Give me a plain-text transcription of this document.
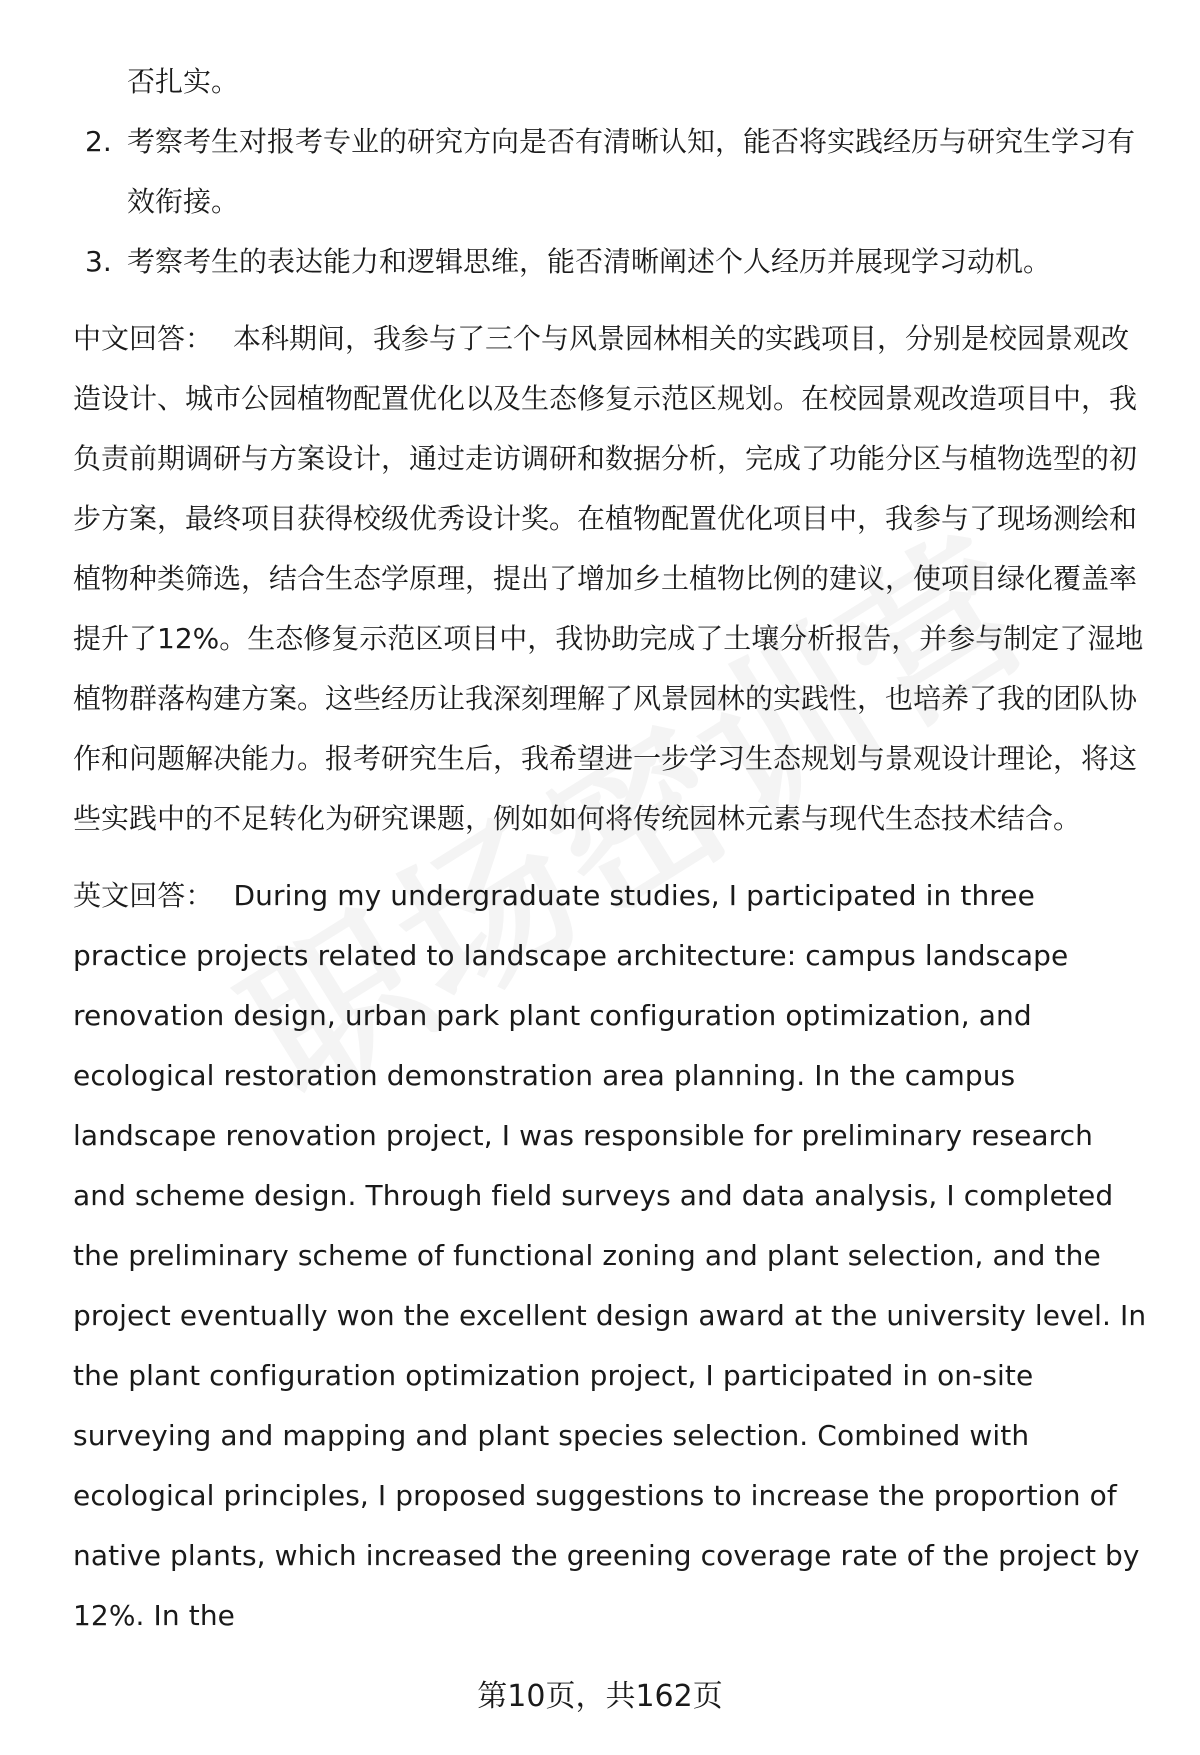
否扎实。
2. 考察考生对报考专业的研究方向是否有清晰认知，能否将实践经历与研究生学习有效衔接。
3. 考察考生的表达能力和逻辑思维，能否清晰阐述个人经历并展现学习动机。

中文回答： 本科期间，我参与了三个与风景园林相关的实践项目，分别是校园景观改造设计、城市公园植物配置优化以及生态修复示范区规划。在校园景观改造项目中，我负责前期调研与方案设计，通过走访调研和数据分析，完成了功能分区与植物选型的初步方案，最终项目获得校级优秀设计奖。在植物配置优化项目中，我参与了现场测绘和植物种类筛选，结合生态学原理，提出了增加乡土植物比例的建议，使项目绿化覆盖率提升了12%。生态修复示范区项目中，我协助完成了土壤分析报告，并参与制定了湿地植物群落构建方案。这些经历让我深刻理解了风景园林的实践性，也培养了我的团队协作和问题解决能力。报考研究生后，我希望进一步学习生态规划与景观设计理论，将这些实践中的不足转化为研究课题，例如如何将传统园林元素与现代生态技术结合。

英文回答： During my undergraduate studies, I participated in three practice projects related to landscape architecture: campus landscape renovation design, urban park plant configuration optimization, and ecological restoration demonstration area planning. In the campus landscape renovation project, I was responsible for preliminary research and scheme design. Through field surveys and data analysis, I completed the preliminary scheme of functional zoning and plant selection, and the project eventually won the excellent design award at the university level. In the plant configuration optimization project, I participated in on-site surveying and mapping and plant species selection. Combined with ecological principles, I proposed suggestions to increase the proportion of native plants, which increased the greening coverage rate of the project by 12%. In the

第10页，共162页
